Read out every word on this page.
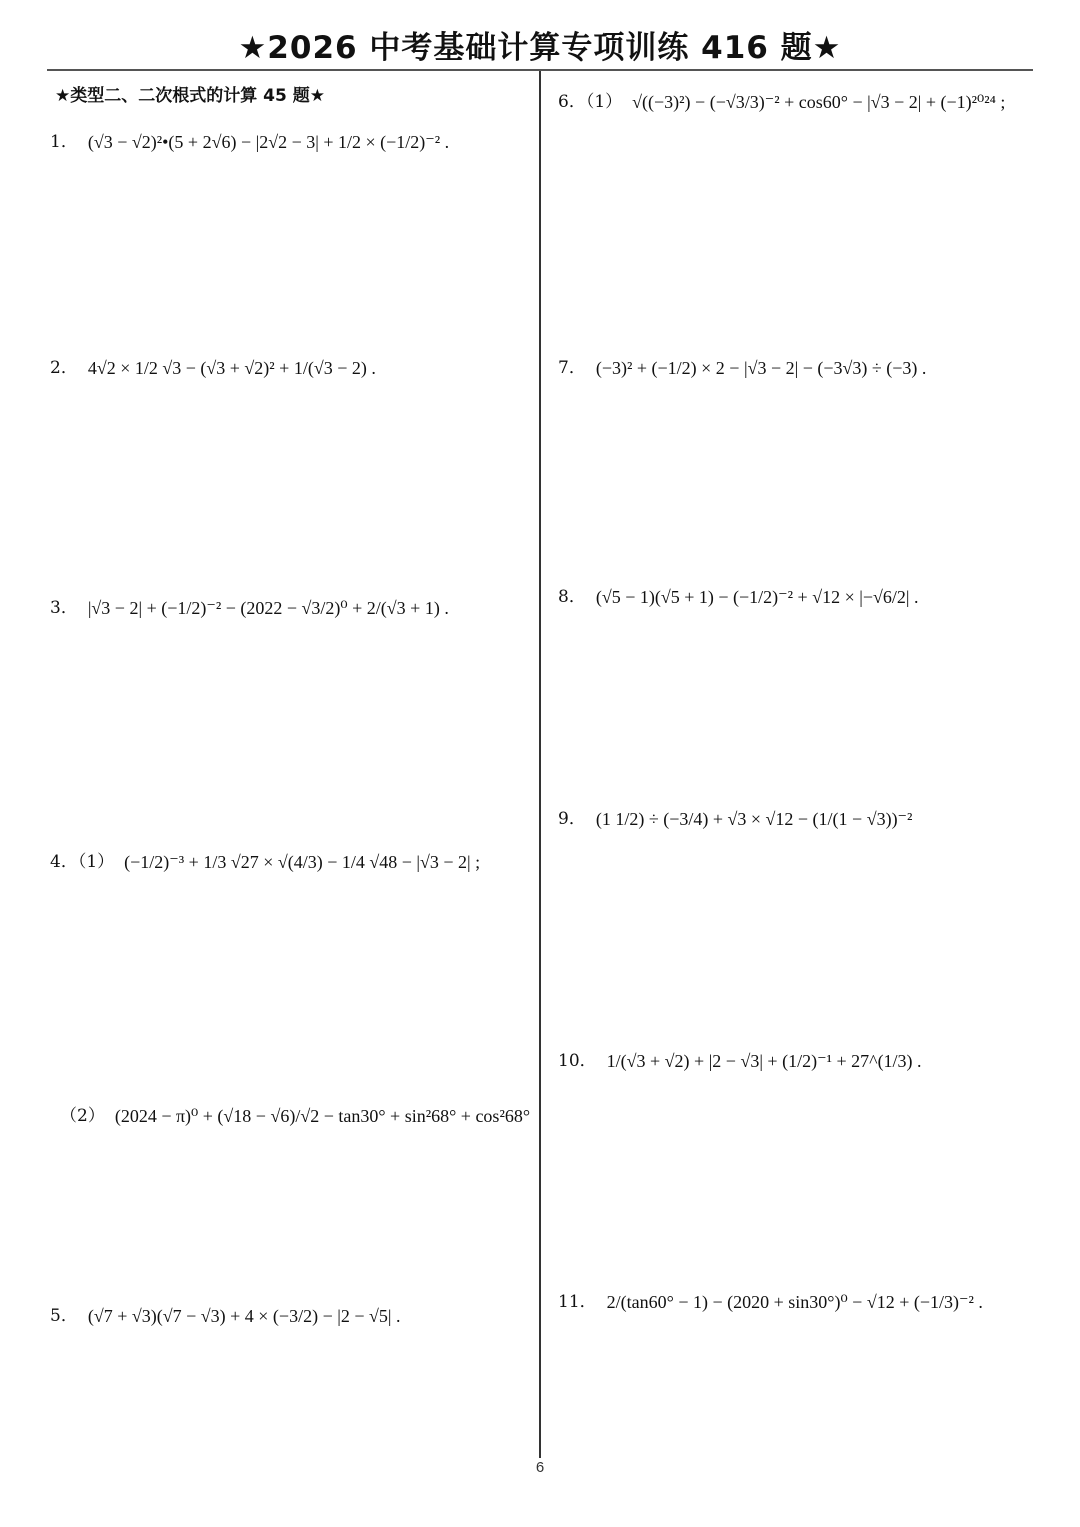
★2026 中考基础计算专项训练 416 题★
★类型二、二次根式的计算 45 题★
1． (√3 − √2)²•(5 + 2√6) − |2√2 − 3| + 1/2 × (−1/2)⁻² .
2． 4√2 × 1/2 √3 − (√3 + √2)² + 1/(√3 − 2) .
3． |√3 − 2| + (−1/2)⁻² − (2022 − √3/2)⁰ + 2/(√3 + 1) .
4．（1） (−1/2)⁻³ + 1/3 √27 × √(4/3) − 1/4 √48 − |√3 − 2| ;
（2） (2024 − π)⁰ + (√18 − √6)/√2 − tan30° + sin²68° + cos²68°
5． (√7 + √3)(√7 − √3) + 4 × (−3/2) − |2 − √5| .
6．（1） √((−3)²) − (−√3/3)⁻² + cos60° − |√3 − 2| + (−1)²⁰²⁴ ;
7． (−3)² + (−1/2) × 2 − |√3 − 2| − (−3√3) ÷ (−3) .
8． (√5 − 1)(√5 + 1) − (−1/2)⁻² + √12 × |−√6/2| .
9． (1 1/2) ÷ (−3/4) + √3 × √12 − (1/(1 − √3))⁻²
10． 1/(√3 + √2) + |2 − √3| + (1/2)⁻¹ + 27^(1/3) .
11． 2/(tan60° − 1) − (2020 + sin30°)⁰ − √12 + (−1/3)⁻² .
6
